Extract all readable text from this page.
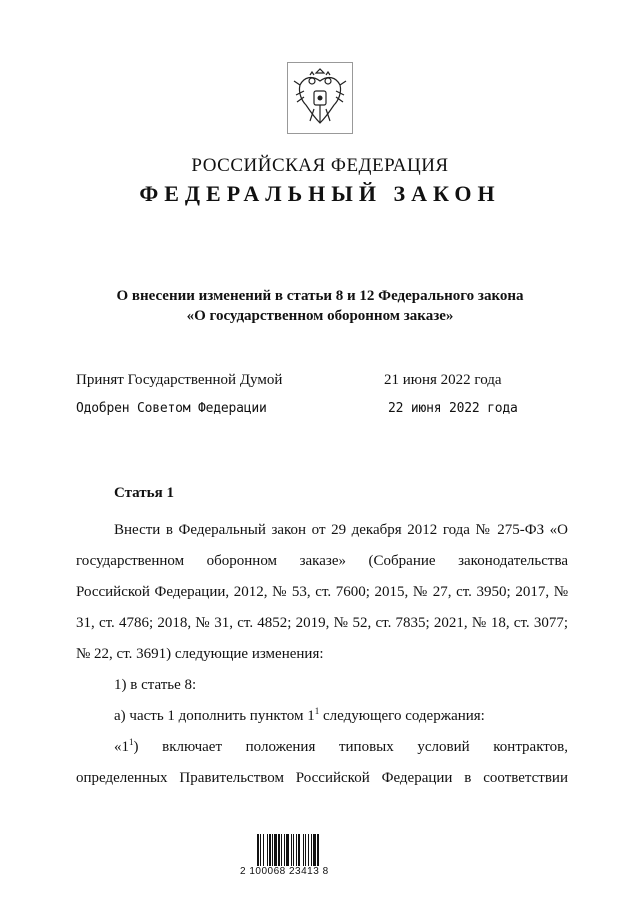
РОССИЙСКАЯ ФЕДЕРАЦИЯ
ФЕДЕРАЛЬНЫЙ ЗАКОН
О внесении изменений в статьи 8 и 12 Федерального закона
«О государственном оборонном заказе»
Принят Государственной Думой	21 июня 2022 года
Одобрен Советом Федерации	22 июня 2022 года
Статья 1

Внести в Федеральный закон от 29 декабря 2012 года № 275-ФЗ «О государственном оборонном заказе» (Собрание законодательства Российской Федерации, 2012, № 53, ст. 7600; 2015, № 27, ст. 3950; 2017, № 31, ст. 4786; 2018, № 31, ст. 4852; 2019, № 52, ст. 7835; 2021, № 18, ст. 3077; № 22, ст. 3691) следующие изменения:

1) в статье 8:

а) часть 1 дополнить пунктом $1^1$ следующего содержания:

«$1^1$) включает положения типовых условий контрактов,

определенных Правительством Российской Федерации в соответствии

2 100068 23413 8
